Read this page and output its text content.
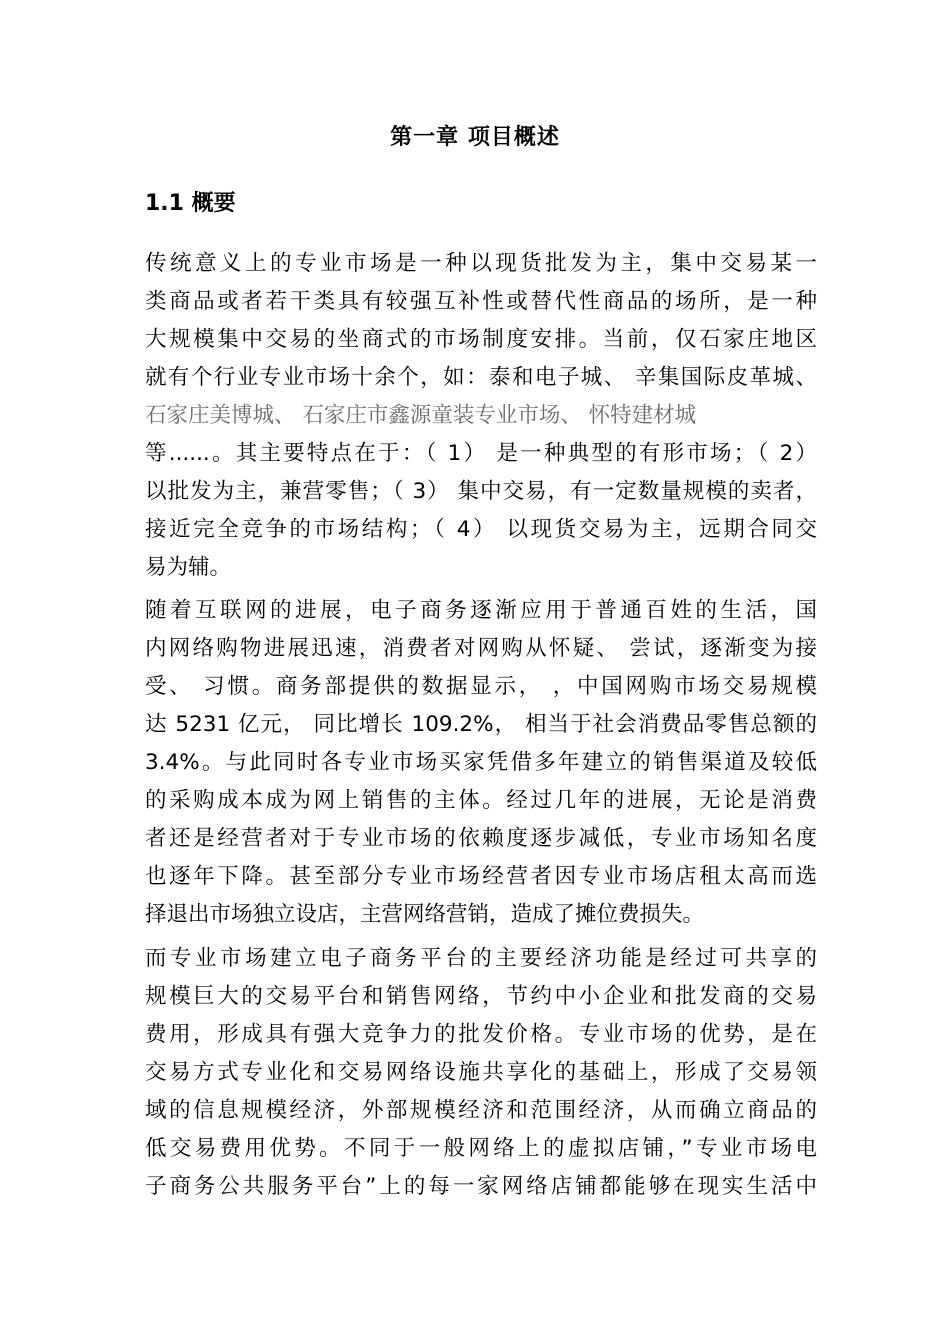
第一章 项目概述
1.1 概要
传统意义上的专业市场是一种以现货批发为主，集中交易某一
类商品或者若干类具有较强互补性或替代性商品的场所，是一种
大规模集中交易的坐商式的市场制度安排。当前，仅石家庄地区
就有个行业专业市场十余个，如：泰和电子城、 辛集国际皮革城、
石家庄美博城、 石家庄市鑫源童装专业市场、 怀特建材城
等......。其主要特点在于：（ 1） 是一种典型的有形市场；（ 2）
以批发为主，兼营零售；（ 3） 集中交易，有一定数量规模的卖者，
接近完全竞争的市场结构；（ 4） 以现货交易为主，远期合同交
易为辅。
随着互联网的进展，电子商务逐渐应用于普通百姓的生活，国
内网络购物进展迅速，消费者对网购从怀疑、 尝试，逐渐变为接
受、 习惯。商务部提供的数据显示， ，中国网购市场交易规模
达 5231 亿元， 同比增长 109.2%， 相当于社会消费品零售总额的
3.4%。与此同时各专业市场买家凭借多年建立的销售渠道及较低
的采购成本成为网上销售的主体。经过几年的进展，无论是消费
者还是经营者对于专业市场的依赖度逐步减低，专业市场知名度
也逐年下降。甚至部分专业市场经营者因专业市场店租太高而选
择退出市场独立设店，主营网络营销，造成了摊位费损失。
而专业市场建立电子商务平台的主要经济功能是经过可共享的
规模巨大的交易平台和销售网络，节约中小企业和批发商的交易
费用，形成具有强大竞争力的批发价格。专业市场的优势，是在
交易方式专业化和交易网络设施共享化的基础上，形成了交易领
域的信息规模经济，外部规模经济和范围经济，从而确立商品的
低交易费用优势。不同于一般网络上的虚拟店铺，”专业市场电
子商务公共服务平台”上的每一家网络店铺都能够在现实生活中
